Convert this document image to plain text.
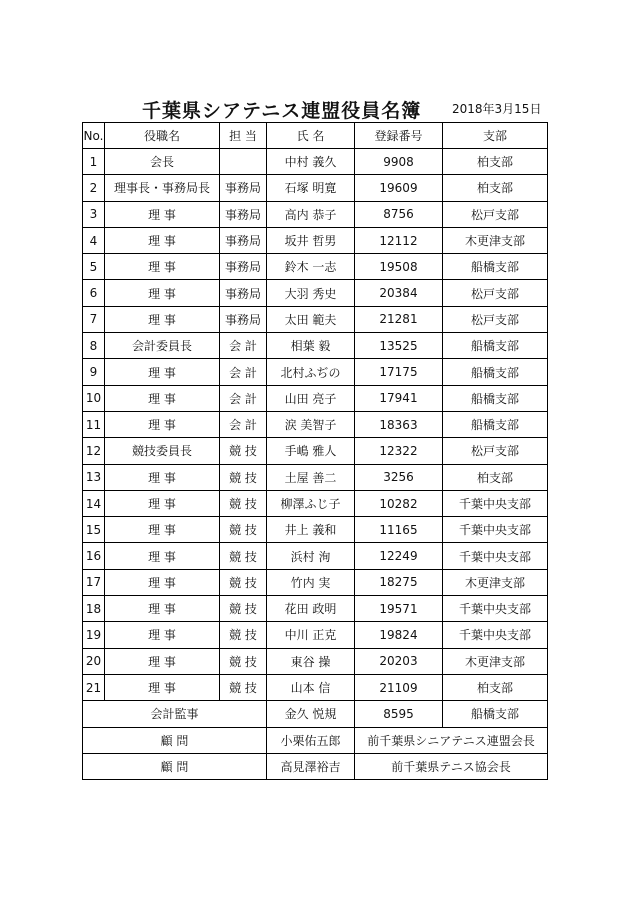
千葉県シアテニス連盟役員名簿	2018年3月15日
No.	役職名	担 当	氏 名	登録番号	支部
1	会長		中村 義久	9908	柏支部
2	理事長・事務局長	事務局	石塚 明寛	19609	柏支部
3	理 事	事務局	高内 恭子	8756	松戸支部
4	理 事	事務局	坂井 哲男	12112	木更津支部
5	理 事	事務局	鈴木 一志	19508	船橋支部
6	理 事	事務局	大羽 秀史	20384	松戸支部
7	理 事	事務局	太田 範夫	21281	松戸支部
8	会計委員長	会 計	相葉 毅	13525	船橋支部
9	理 事	会 計	北村ふぢの	17175	船橋支部
10	理 事	会 計	山田 亮子	17941	船橋支部
11	理 事	会 計	涙 美智子	18363	船橋支部
12	競技委員長	競 技	手嶋 雅人	12322	松戸支部
13	理 事	競 技	土屋 善二	3256	柏支部
14	理 事	競 技	柳澤ふじ子	10282	千葉中央支部
15	理 事	競 技	井上 義和	11165	千葉中央支部
16	理 事	競 技	浜村 洵	12249	千葉中央支部
17	理 事	競 技	竹内 実	18275	木更津支部
18	理 事	競 技	花田 政明	19571	千葉中央支部
19	理 事	競 技	中川 正克	19824	千葉中央支部
20	理 事	競 技	東谷 操	20203	木更津支部
21	理 事	競 技	山本 信	21109	柏支部
会計監事			金久 悦規	8595	船橋支部
顧 問			小栗佑五郎	前千葉県シニアテニス連盟会長	
顧 問			高見澤裕吉	前千葉県テニス協会長	
